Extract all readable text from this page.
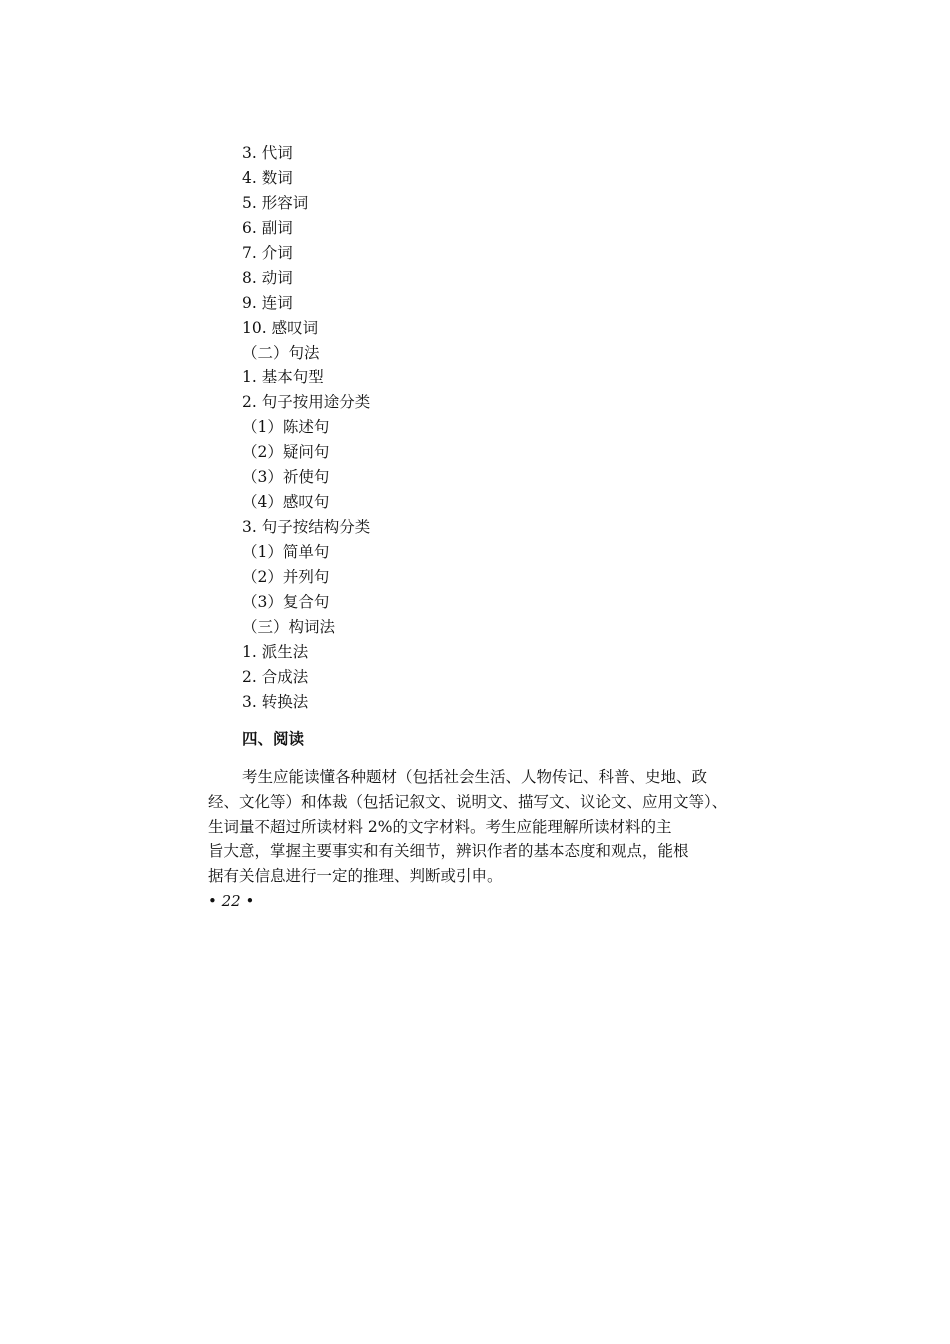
3. 代词
4. 数词
5. 形容词
6. 副词
7. 介词
8. 动词
9. 连词
10. 感叹词
（二）句法
1. 基本句型
2. 句子按用途分类
（1）陈述句
（2）疑问句
（3）祈使句
（4）感叹句
3. 句子按结构分类
（1）简单句
（2）并列句
（3）复合句
（三）构词法
1. 派生法
2. 合成法
3. 转换法
四、阅读
考生应能读懂各种题材（包括社会生活、人物传记、科普、史地、政
经、文化等）和体裁（包括记叙文、说明文、描写文、议论文、应用文等）、
生词量不超过所读材料 2%的文字材料。考生应能理解所读材料的主
旨大意，掌握主要事实和有关细节，辨识作者的基本态度和观点，能根
据有关信息进行一定的推理、判断或引申。
• 22 •
